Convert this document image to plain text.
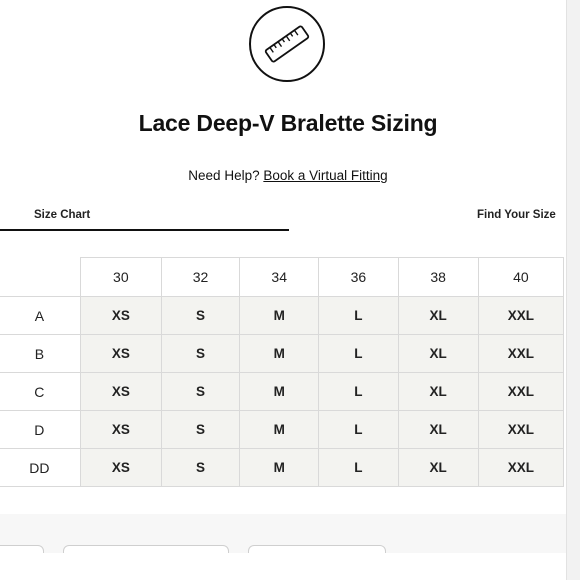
Lace Deep-V Bralette Sizing
Need Help? Book a Virtual Fitting
Size Chart	Find Your Size
	30	32	34	36	38	40
A	XS	S	M	L	XL	XXL
B	XS	S	M	L	XL	XXL
C	XS	S	M	L	XL	XXL
D	XS	S	M	L	XL	XXL
DD	XS	S	M	L	XL	XXL
